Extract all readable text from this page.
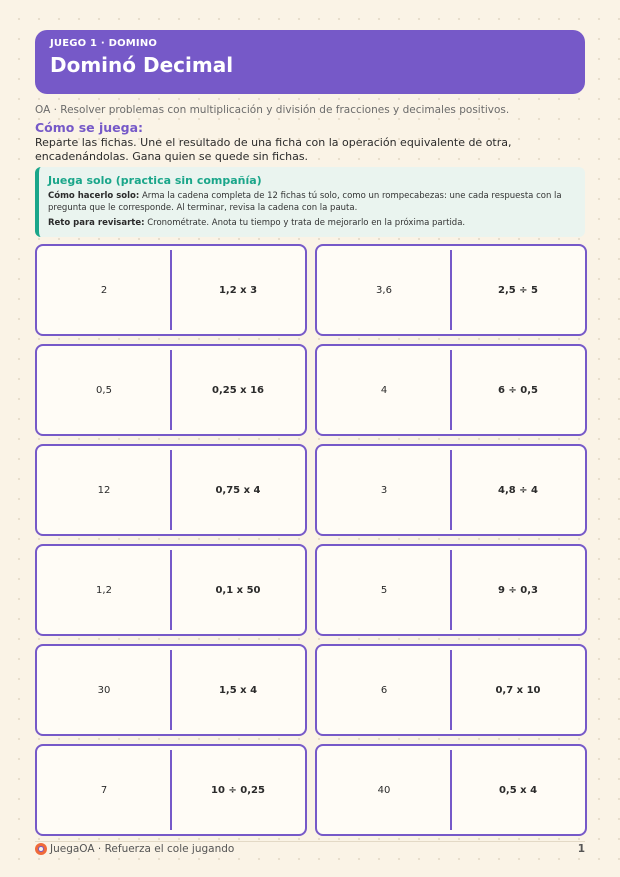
JUEGO 1 · DOMINO
Dominó Decimal
OA · Resolver problemas con multiplicación y división de fracciones y decimales positivos.
Cómo se juega:
Reparte las fichas. Une el resultado de una ficha con la operación equivalente de otra, encadenándolas. Gana quien se quede sin fichas.
Juega solo (practica sin compañía)

Cómo hacerlo solo: Arma la cadena completa de 12 fichas tú solo, como un rompecabezas: une cada respuesta con la pregunta que le corresponde. Al terminar, revisa la cadena con la pauta.

Reto para revisarte: Cronométrate. Anota tu tiempo y trata de mejorarlo en la próxima partida.

2	1,2 x 3	3,6	2,5 ÷ 5
0,5	0,25 x 16	4	6 ÷ 0,5
12	0,75 x 4	3	4,8 ÷ 4
1,2	0,1 x 50	5	9 ÷ 0,3
30	1,5 x 4	6	0,7 x 10
7	10 ÷ 0,25	40	0,5 x 4
JuegaOA · Refuerza el cole jugando	1
